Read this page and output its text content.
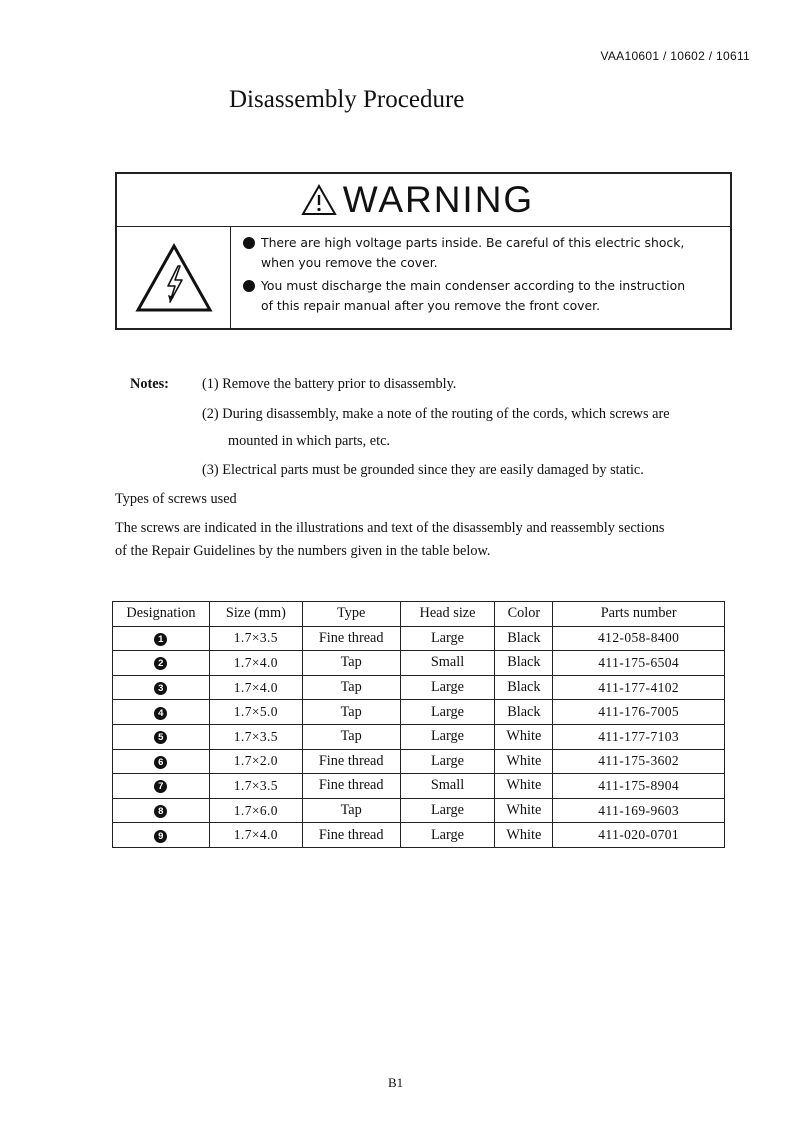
VAA10601 / 10602 / 10611
Disassembly Procedure
WARNING
There are high voltage parts inside. Be careful of this electric shock,
when you remove the cover.
You must discharge the main condenser according to the instruction
of this repair manual after you remove the front cover.
Notes: (1) Remove the battery prior to disassembly.
(2) During disassembly, make a note of the routing of the cords, which screws are
mounted in which parts, etc.
(3) Electrical parts must be grounded since they are easily damaged by static.
Types of screws used
The screws are indicated in the illustrations and text of the disassembly and reassembly sections
of the Repair Guidelines by the numbers given in the table below.
Designation	Size (mm)	Type	Head size	Color	Parts number
1	1.7×3.5	Fine thread	Large	Black	412-058-8400
2	1.7×4.0	Tap	Small	Black	411-175-6504
3	1.7×4.0	Tap	Large	Black	411-177-4102
4	1.7×5.0	Tap	Large	Black	411-176-7005
5	1.7×3.5	Tap	Large	White	411-177-7103
6	1.7×2.0	Fine thread	Large	White	411-175-3602
7	1.7×3.5	Fine thread	Small	White	411-175-8904
8	1.7×6.0	Tap	Large	White	411-169-9603
9	1.7×4.0	Fine thread	Large	White	411-020-0701
B1
